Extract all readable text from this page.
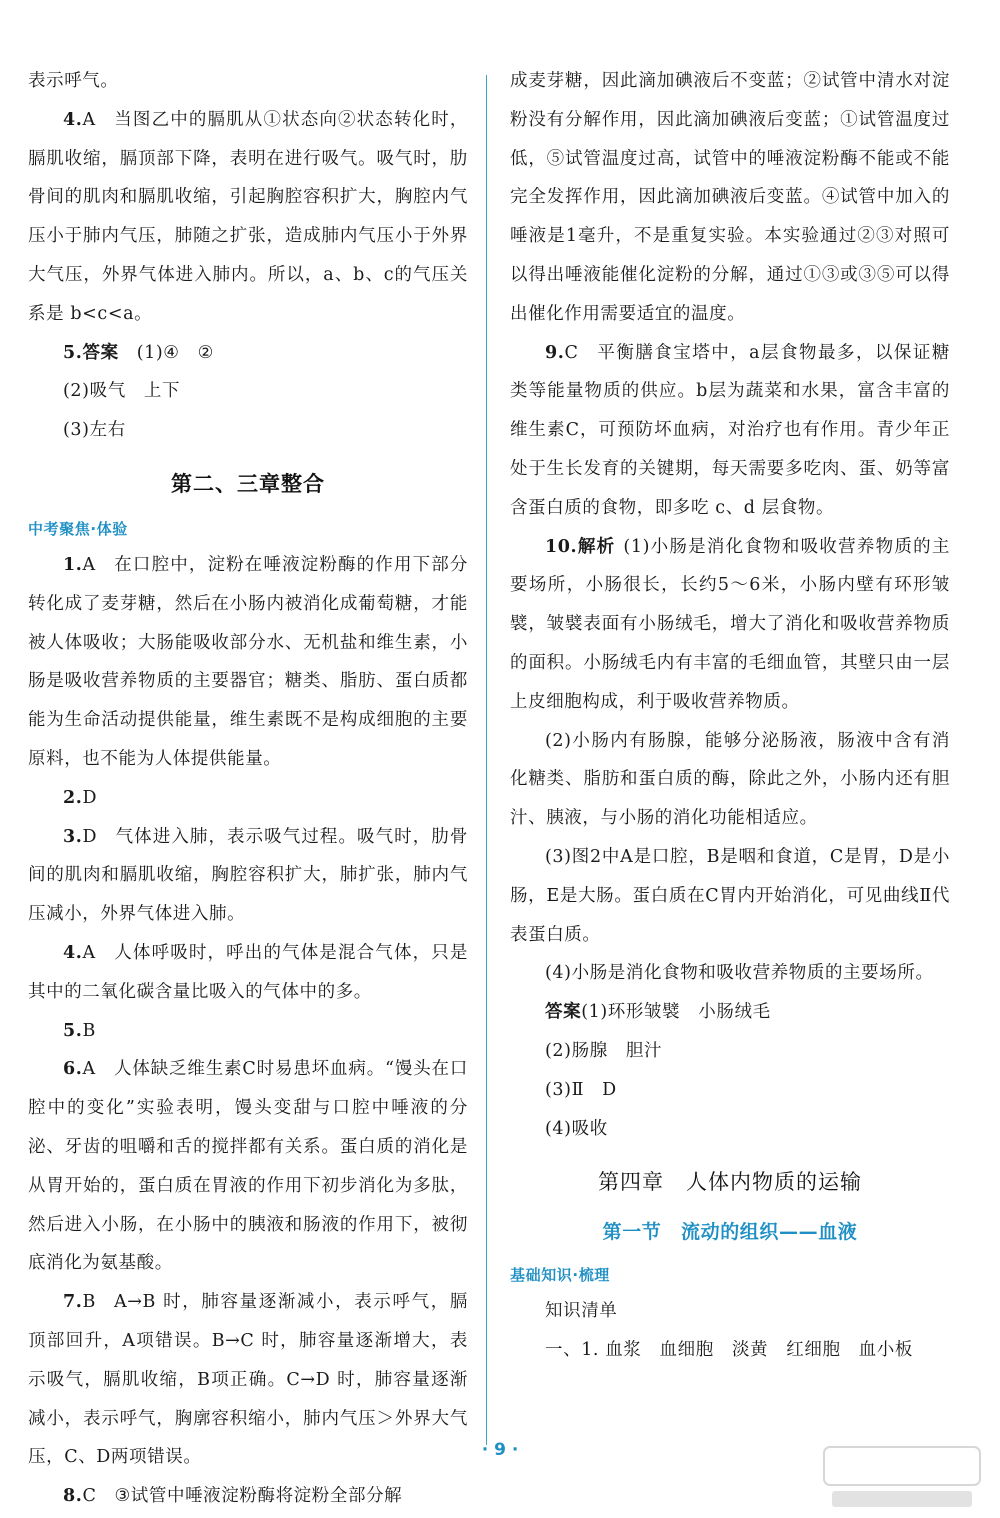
表示呼气。

4.A 当图乙中的膈肌从①状态向②状态转化时，膈肌收缩，膈顶部下降，表明在进行吸气。吸气时，肋骨间的肌肉和膈肌收缩，引起胸腔容积扩大，胸腔内气压小于肺内气压，肺随之扩张，造成肺内气压小于外界大气压，外界气体进入肺内。所以，a、b、c的气压关系是 b<c<a。

5.答案 (1)④　②

(2)吸气　上下

(3)左右

第二、三章整合
中考聚焦·体验

1.A 在口腔中，淀粉在唾液淀粉酶的作用下部分转化成了麦芽糖，然后在小肠内被消化成葡萄糖，才能被人体吸收；大肠能吸收部分水、无机盐和维生素，小肠是吸收营养物质的主要器官；糖类、脂肪、蛋白质都能为生命活动提供能量，维生素既不是构成细胞的主要原料，也不能为人体提供能量。

2.D

3.D 气体进入肺，表示吸气过程。吸气时，肋骨间的肌肉和膈肌收缩，胸腔容积扩大，肺扩张，肺内气压减小，外界气体进入肺。

4.A 人体呼吸时，呼出的气体是混合气体，只是其中的二氧化碳含量比吸入的气体中的多。

5.B

6.A 人体缺乏维生素C时易患坏血病。“馒头在口腔中的变化”实验表明，馒头变甜与口腔中唾液的分泌、牙齿的咀嚼和舌的搅拌都有关系。蛋白质的消化是从胃开始的，蛋白质在胃液的作用下初步消化为多肽，然后进入小肠，在小肠中的胰液和肠液的作用下，被彻底消化为氨基酸。

7.B A→B 时，肺容量逐渐减小，表示呼气，膈顶部回升，A项错误。B→C 时，肺容量逐渐增大，表示吸气，膈肌收缩，B项正确。C→D 时，肺容量逐渐减小，表示呼气，胸廓容积缩小，肺内气压＞外界大气压，C、D两项错误。

8.C ③试管中唾液淀粉酶将淀粉全部分解

成麦芽糖，因此滴加碘液后不变蓝；②试管中清水对淀粉没有分解作用，因此滴加碘液后变蓝；①试管温度过低，⑤试管温度过高，试管中的唾液淀粉酶不能或不能完全发挥作用，因此滴加碘液后变蓝。④试管中加入的唾液是1毫升，不是重复实验。本实验通过②③对照可以得出唾液能催化淀粉的分解，通过①③或③⑤可以得出催化作用需要适宜的温度。

9.C 平衡膳食宝塔中，a层食物最多，以保证糖类等能量物质的供应。b层为蔬菜和水果，富含丰富的维生素C，可预防坏血病，对治疗也有作用。青少年正处于生长发育的关键期，每天需要多吃肉、蛋、奶等富含蛋白质的食物，即多吃 c、d 层食物。

10.解析 (1)小肠是消化食物和吸收营养物质的主要场所，小肠很长，长约5～6米，小肠内壁有环形皱襞，皱襞表面有小肠绒毛，增大了消化和吸收营养物质的面积。小肠绒毛内有丰富的毛细血管，其壁只由一层上皮细胞构成，利于吸收营养物质。

(2)小肠内有肠腺，能够分泌肠液，肠液中含有消化糖类、脂肪和蛋白质的酶，除此之外，小肠内还有胆汁、胰液，与小肠的消化功能相适应。

(3)图2中A是口腔，B是咽和食道，C是胃，D是小肠，E是大肠。蛋白质在C胃内开始消化，可见曲线Ⅱ代表蛋白质。

(4)小肠是消化食物和吸收营养物质的主要场所。

答案(1)环形皱襞　小肠绒毛

(2)肠腺　胆汁

(3)Ⅱ　D

(4)吸收

第四章　人体内物质的运输
第一节　流动的组织——血液
基础知识·梳理

知识清单

一、1. 血浆　血细胞　淡黄　红细胞　血小板

· 9 ·
